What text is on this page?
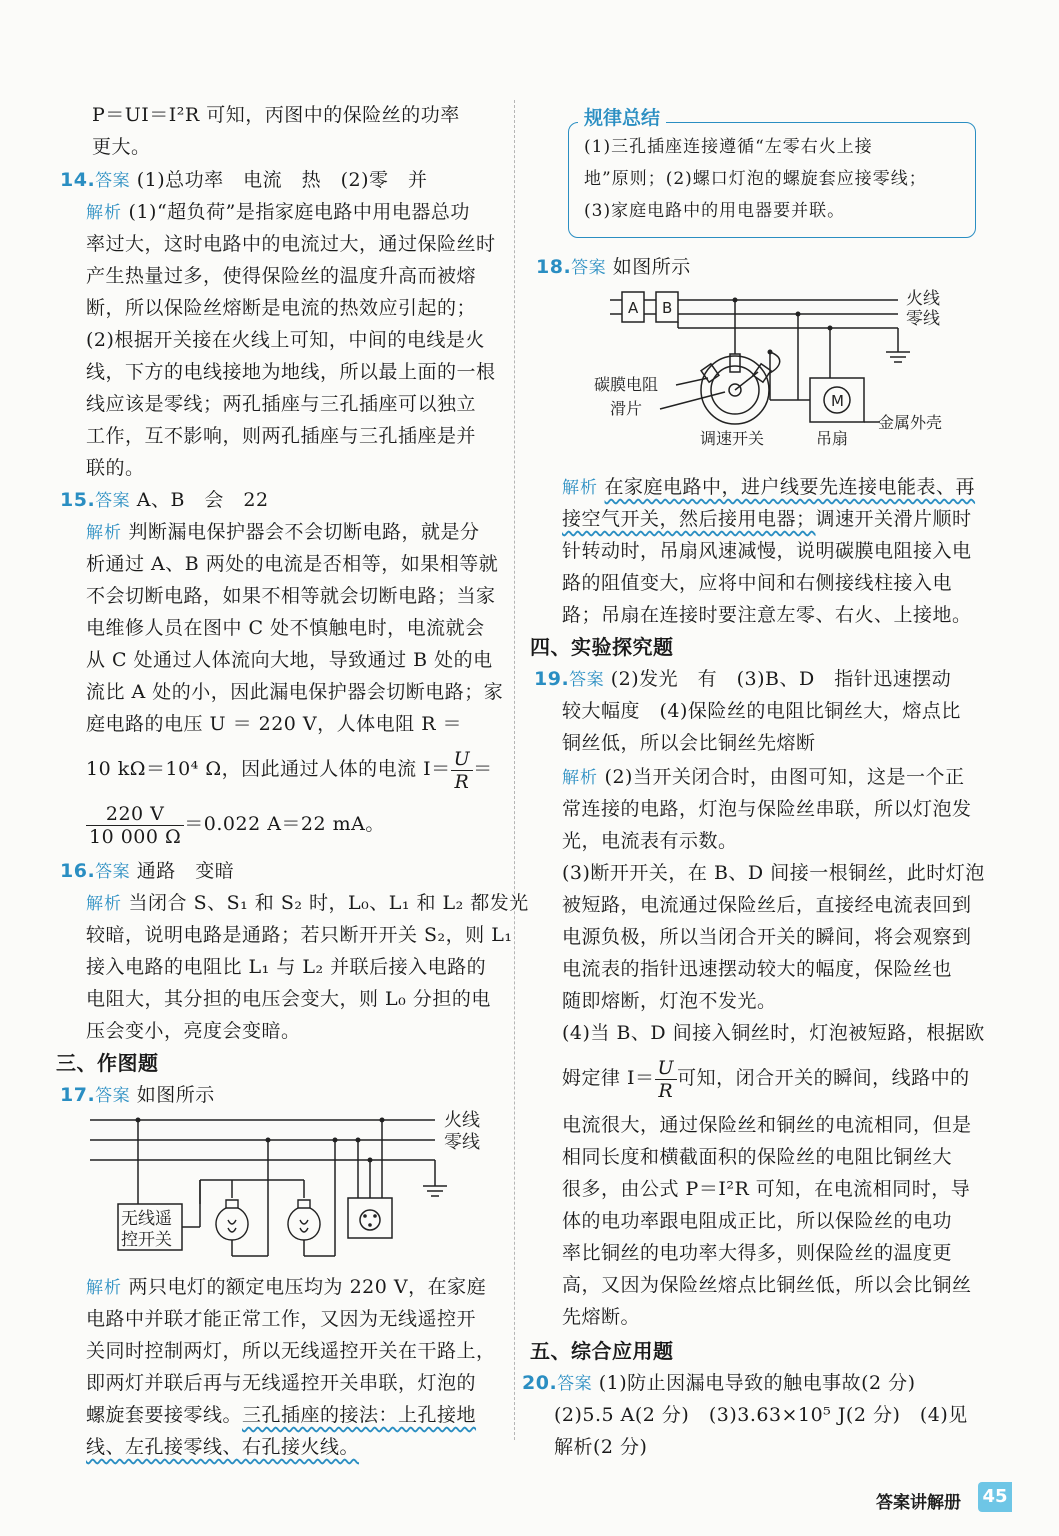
P＝UI＝I²R 可知，丙图中的保险丝的功率
更大。
14.答案 (1)总功率　电流　热　(2)零　并
解析 (1)“超负荷”是指家庭电路中用电器总功
率过大，这时电路中的电流过大，通过保险丝时
产生热量过多，使得保险丝的温度升高而被熔
断，所以保险丝熔断是电流的热效应引起的；
(2)根据开关接在火线上可知，中间的电线是火
线，下方的电线接地为地线，所以最上面的一根
线应该是零线；两孔插座与三孔插座可以独立
工作，互不影响，则两孔插座与三孔插座是并
联的。
15.答案 A、B　会　22
解析 判断漏电保护器会不会切断电路，就是分
析通过 A、B 两处的电流是否相等，如果相等就
不会切断电路，如果不相等就会切断电路；当家
电维修人员在图中 C 处不慎触电时，电流就会
从 C 处通过人体流向大地，导致通过 B 处的电
流比 A 处的小，因此漏电保护器会切断电路；家
庭电路的电压 U ＝ 220 V，人体电阻 R ＝
10 kΩ＝10⁴ Ω，因此通过人体的电流 $I= \frac{U}{R}$ ＝
$\frac{220 V}{10 000 \Omega} =0.022$ A＝22 mA。
16.答案 通路　变暗
解析 当闭合 S、S₁ 和 S₂ 时，L₀、L₁ 和 L₂ 都发光
较暗，说明电路是通路；若只断开开关 S₂，则 L₁
接入电路的电阻比 L₁ 与 L₂ 并联后接入电路的
电阻大，其分担的电压会变大，则 L₀ 分担的电
压会变小，亮度会变暗。
三、作图题
17.答案 如图所示
火线
零线
无线遥
控开关
解析 两只电灯的额定电压均为 220 V，在家庭
电路中并联才能正常工作，又因为无线遥控开
关同时控制两灯，所以无线遥控开关在干路上，
即两灯并联后再与无线遥控开关串联，灯泡的
螺旋套要接零线。三孔插座的接法：上孔接地
线、左孔接零线、右孔接火线。
规律总结
(1)三孔插座连接遵循“左零右火上接
地”原则；(2)螺口灯泡的螺旋套应接零线；
(3)家庭电路中的用电器要并联。
18.答案 如图所示
A B	火线
零线
碳膜电阻
滑片
调速开关
M
吊扇
金属外壳
解析 在家庭电路中，进户线要先连接电能表、再
接空气开关，然后接用电器；调速开关滑片顺时
针转动时，吊扇风速减慢，说明碳膜电阻接入电
路的阻值变大，应将中间和右侧接线柱接入电
路；吊扇在连接时要注意左零、右火、上接地。
四、实验探究题
19.答案 (2)发光　有　(3)B、D　指针迅速摆动
较大幅度　(4)保险丝的电阻比铜丝大，熔点比
铜丝低，所以会比铜丝先熔断
解析 (2)当开关闭合时，由图可知，这是一个正
常连接的电路，灯泡与保险丝串联，所以灯泡发
光，电流表有示数。
(3)断开开关，在 B、D 间接一根铜丝，此时灯泡
被短路，电流通过保险丝后，直接经电流表回到
电源负极，所以当闭合开关的瞬间，将会观察到
电流表的指针迅速摆动较大的幅度，保险丝也
随即熔断，灯泡不发光。
(4)当 B、D 间接入铜丝时，灯泡被短路，根据欧
姆定律 $I= \frac{U}{R}$ 可知，闭合开关的瞬间，线路中的
电流很大，通过保险丝和铜丝的电流相同，但是
相同长度和横截面积的保险丝的电阻比铜丝大
很多，由公式 P＝I²R 可知，在电流相同时，导
体的电功率跟电阻成正比，所以保险丝的电功
率比铜丝的电功率大得多，则保险丝的温度更
高，又因为保险丝熔点比铜丝低，所以会比铜丝
先熔断。
五、综合应用题
20.答案 (1)防止因漏电导致的触电事故(2 分)
(2)5.5 A(2 分)　(3)3.63×10⁵ J(2 分)　(4)见
解析(2 分)
答案讲解册 45
